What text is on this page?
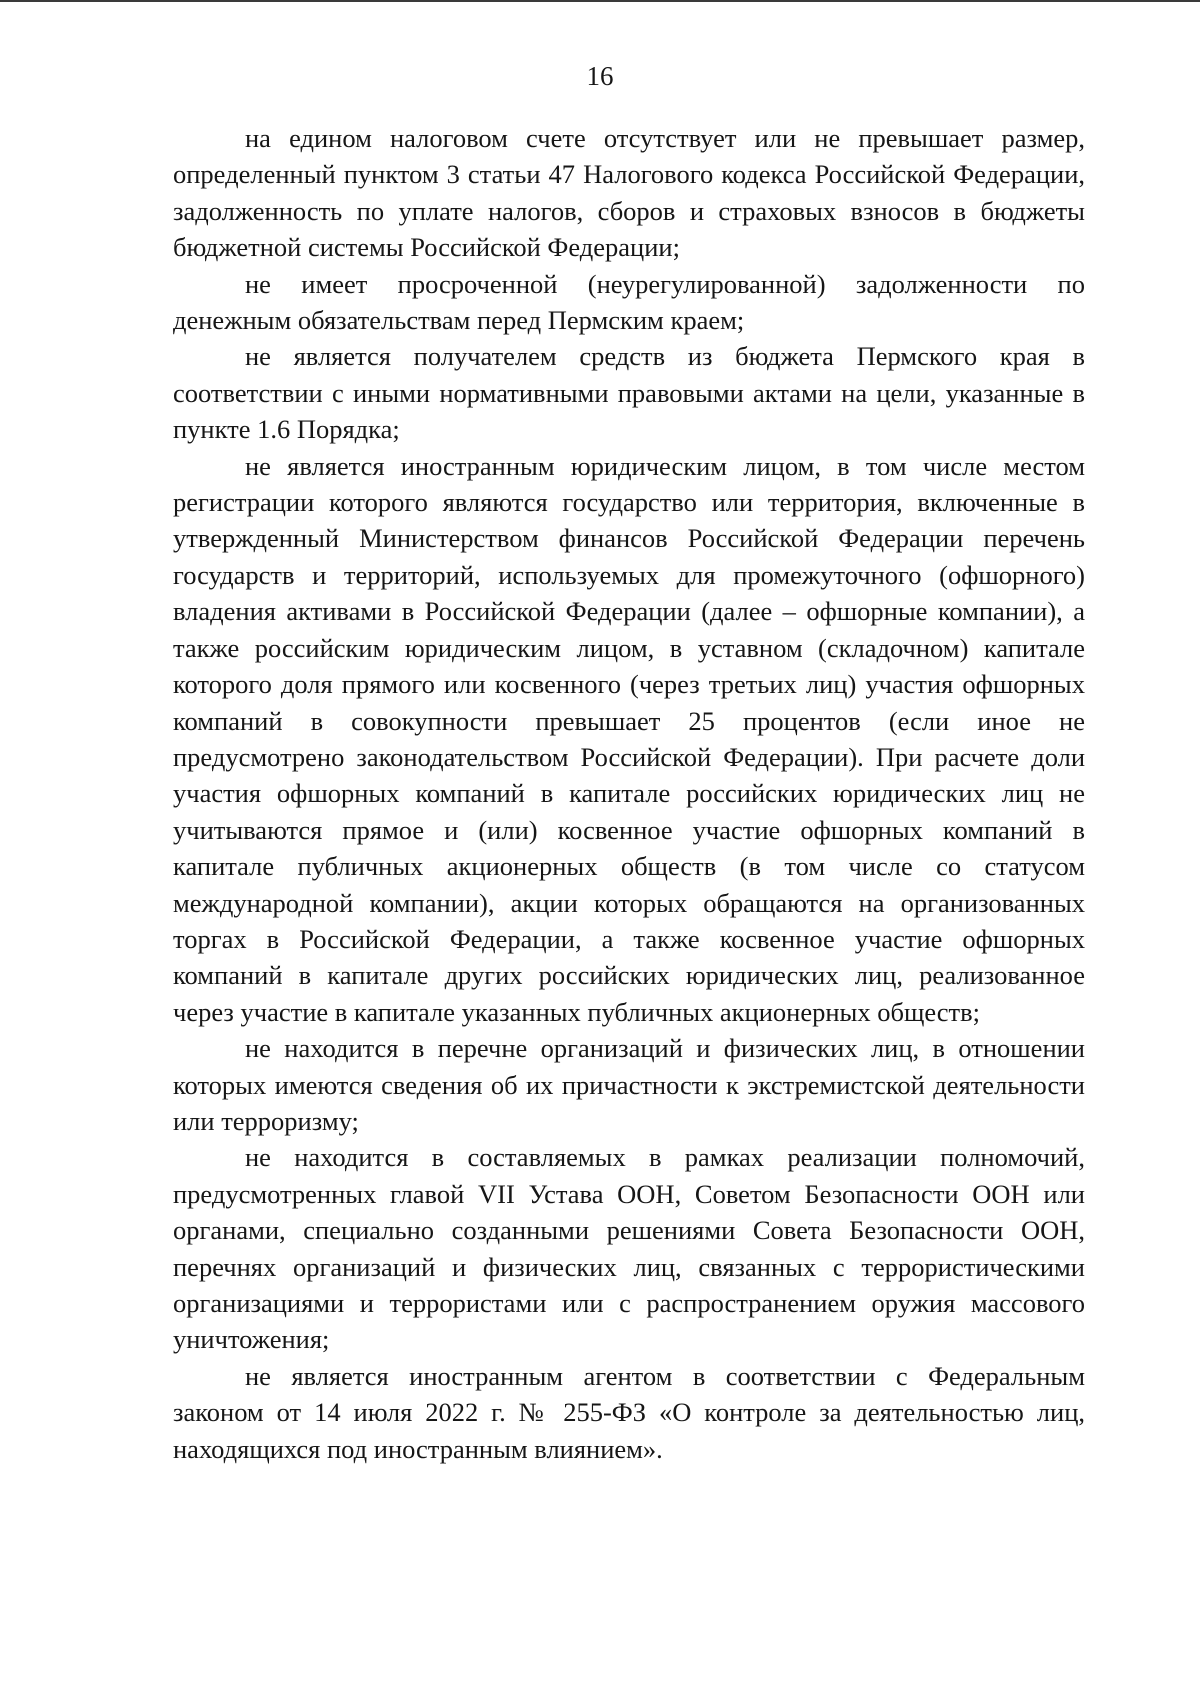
16

на едином налоговом счете отсутствует или не превышает размер, определенный пунктом 3 статьи 47 Налогового кодекса Российской Федерации, задолженность по уплате налогов, сборов и страховых взносов в бюджеты бюджетной системы Российской Федерации;

не имеет просроченной (неурегулированной) задолженности по денежным обязательствам перед Пермским краем;

не является получателем средств из бюджета Пермского края в соответствии с иными нормативными правовыми актами на цели, указанные в пункте 1.6 Порядка;

не является иностранным юридическим лицом, в том числе местом регистрации которого являются государство или территория, включенные в утвержденный Министерством финансов Российской Федерации перечень государств и территорий, используемых для промежуточного (офшорного) владения активами в Российской Федерации (далее – офшорные компании), а также российским юридическим лицом, в уставном (складочном) капитале которого доля прямого или косвенного (через третьих лиц) участия офшорных компаний в совокупности превышает 25 процентов (если иное не предусмотрено законодательством Российской Федерации). При расчете доли участия офшорных компаний в капитале российских юридических лиц не учитываются прямое и (или) косвенное участие офшорных компаний в капитале публичных акционерных обществ (в том числе со статусом международной компании), акции которых обращаются на организованных торгах в Российской Федерации, а также косвенное участие офшорных компаний в капитале других российских юридических лиц, реализованное через участие в капитале указанных публичных акционерных обществ;

не находится в перечне организаций и физических лиц, в отношении которых имеются сведения об их причастности к экстремистской деятельности или терроризму;

не находится в составляемых в рамках реализации полномочий, предусмотренных главой VII Устава ООН, Советом Безопасности ООН или органами, специально созданными решениями Совета Безопасности ООН, перечнях организаций и физических лиц, связанных с террористическими организациями и террористами или с распространением оружия массового уничтожения;

не является иностранным агентом в соответствии с Федеральным законом от 14 июля 2022 г. № 255-ФЗ «О контроле за деятельностью лиц, находящихся под иностранным влиянием».
